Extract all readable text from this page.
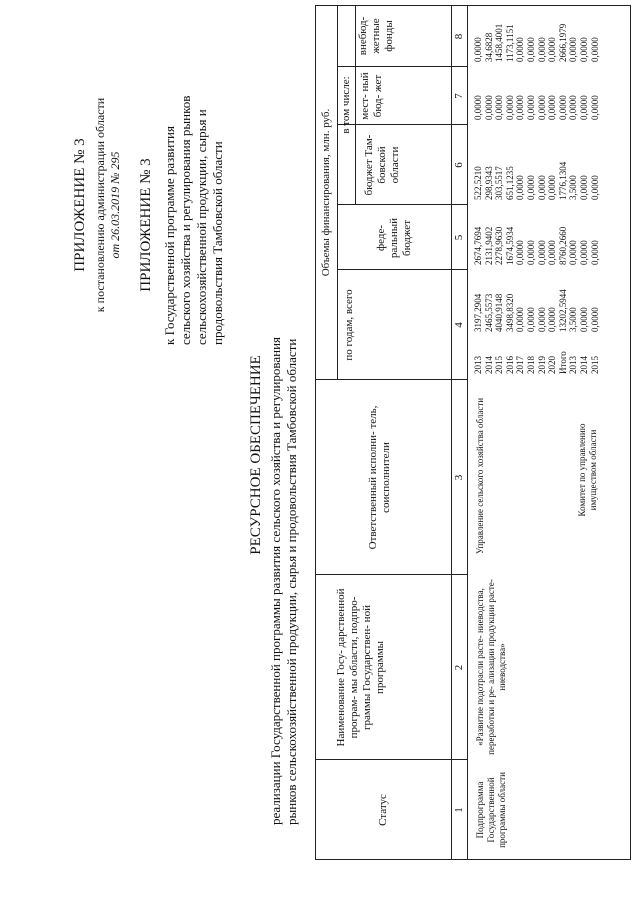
ПРИЛОЖЕНИЕ № 3 к постановлению администрации области от 26.03.2019 № 295 ПРИЛОЖЕНИЕ № 3 к Государственной программе развития сельского хозяйства и регулирования рынков сельскохозяйственной продукции, сырья и продовольствия Тамбовской области
РЕСУРСНОЕ ОБЕСПЕЧЕНИЕ реализации Государственной программы развития сельского хозяйства и регулирования рынков сельскохозяйственной продукции, сырья и продовольствия Тамбовской области	Статус
Наименование Госу- дарственной програм- мы области, подпро- граммы Государствен- ной программы
Ответственный исполни- тель, соисполнители
Объемы финансирования, млн. руб.
по годам, всего
в том числе:
феде- ральный бюджет
бюджет Там- бовской области
мест- ный бюд- жет
внебюд- жетные фонды
1
2
3
4
5
6
7
8
Подпрограмма Государственной программы области
«Развитие подотрасли расте- ниеводства, переработки и ре- ализации продукции расте- ниеводства»
Управление сельского хозяйства области	Комитет по управлению имуществом области
2013 2014 2015 2016 2017 2018 2019 2020 Итого 2013 2014 2015
3197,2904 2465,5573 4040,9148 3498,8320 0,0000 0,0000 0,0000 0,0000 13202,5944 3,5000 0,0000 0,0000
2674,7694 2131,9402 2278,9630 1674,5934 0,0000 0,0000 0,0000 0,0000 8760,2660 0,0000 0,0000 0,0000
522,5210 298,9343 303,5517 651,1235 0,0000 0,0000 0,0000 0,0000 1776,1304 3,5000 0,0000 0,0000
0,0000 0,0000 0,0000 0,0000 0,0000 0,0000 0,0000 0,0000 0,0000 0,0000 0,0000 0,0000
0,0000 34,6828 1458,4001 1173,1151 0,0000 0,0000 0,0000 0,0000 2666,1979 0,0000 0,0000 0,0000
